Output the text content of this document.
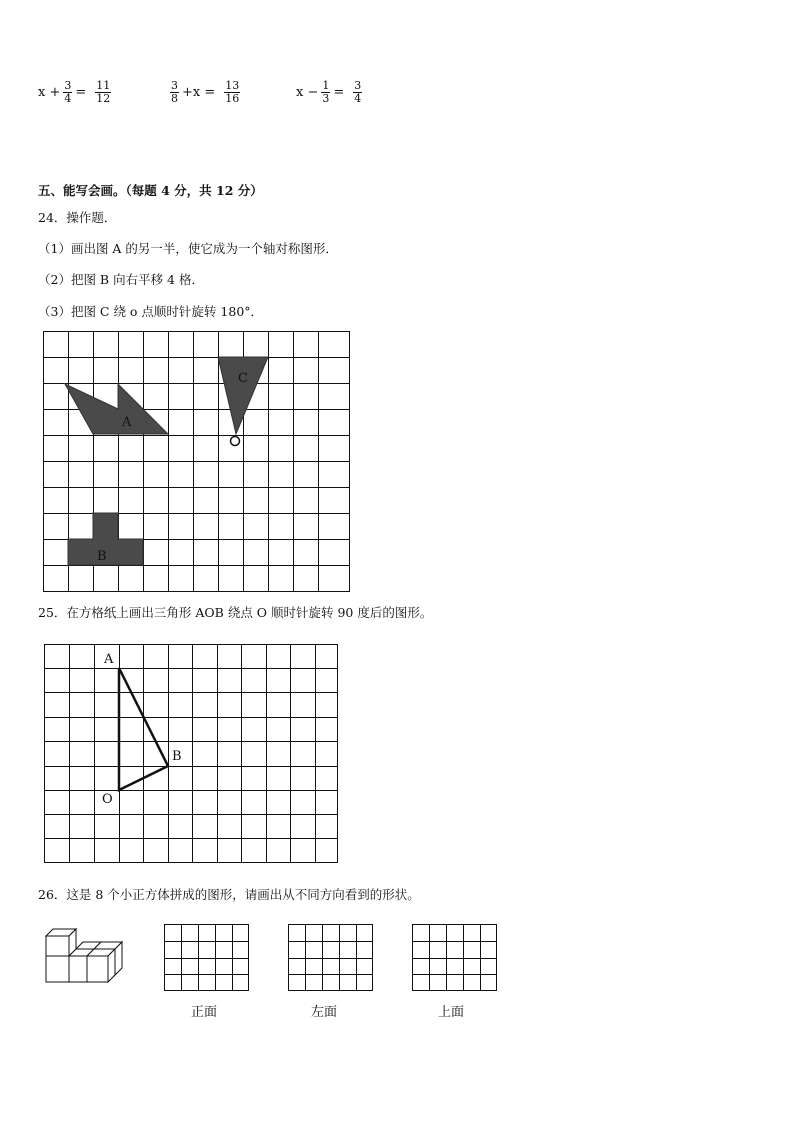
$x + \frac{3}{4} = \frac{11}{12}$	$\frac{3}{8} +x = \frac{13}{16}$	$x - \frac{1}{3} = \frac{3}{4}$
五、能写会画。（每题 4 分，共 12 分）
24．操作题．
（1）画出图 A 的另一半，使它成为一个轴对称图形．
（2）把图 B 向右平移 4 格．
（3）把图 C 绕 o 点顺时针旋转 180°．
A
C
B
25．在方格纸上画出三角形 AOB 绕点 O 顺时针旋转 90 度后的图形。
A
B
O
26．这是 8 个小正方体拼成的图形，请画出从不同方向看到的形状。
正面	左面	上面
